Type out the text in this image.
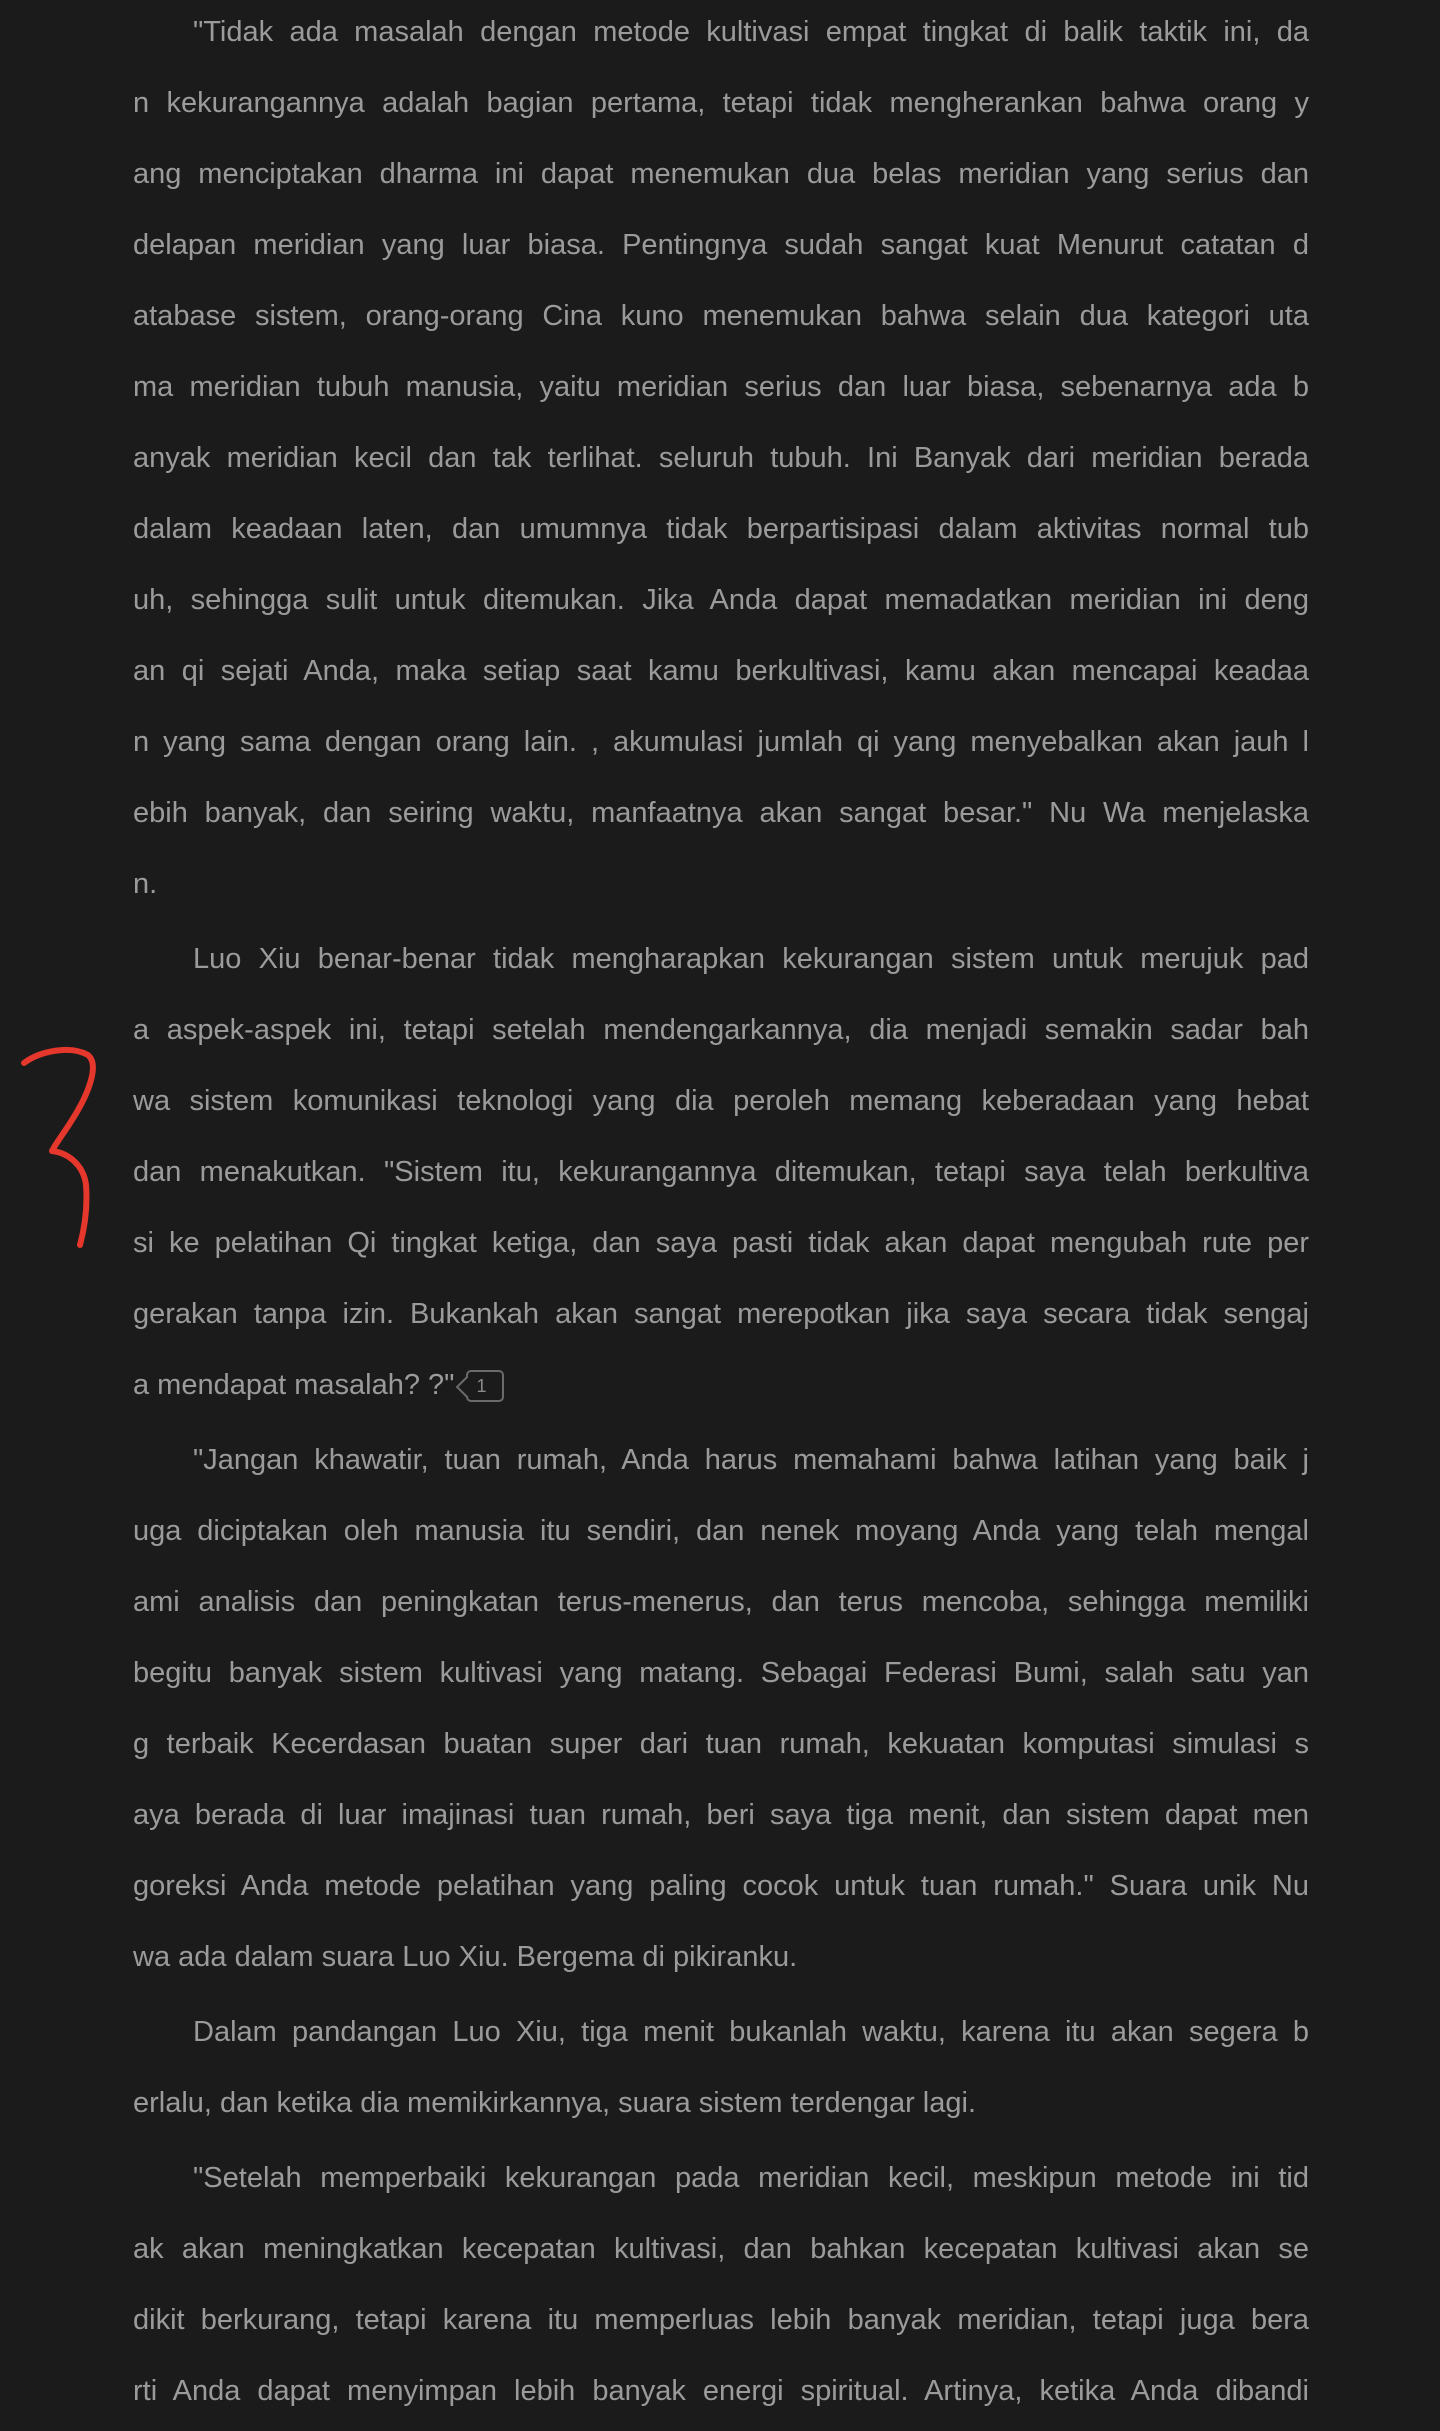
"Tidak ada masalah dengan metode kultivasi empat tingkat di balik taktik ini, da
n kekurangannya adalah bagian pertama, tetapi tidak mengherankan bahwa orang y
ang menciptakan dharma ini dapat menemukan dua belas meridian yang serius dan
delapan meridian yang luar biasa. Pentingnya sudah sangat kuat Menurut catatan d
atabase sistem, orang-orang Cina kuno menemukan bahwa selain dua kategori uta
ma meridian tubuh manusia, yaitu meridian serius dan luar biasa, sebenarnya ada b
anyak meridian kecil dan tak terlihat. seluruh tubuh. Ini Banyak dari meridian berada
dalam keadaan laten, dan umumnya tidak berpartisipasi dalam aktivitas normal tub
uh, sehingga sulit untuk ditemukan. Jika Anda dapat memadatkan meridian ini deng
an qi sejati Anda, maka setiap saat kamu berkultivasi, kamu akan mencapai keadaa
n yang sama dengan orang lain. , akumulasi jumlah qi yang menyebalkan akan jauh l
ebih banyak, dan seiring waktu, manfaatnya akan sangat besar." Nu Wa menjelaska
n.
Luo Xiu benar-benar tidak mengharapkan kekurangan sistem untuk merujuk pad
a aspek-aspek ini, tetapi setelah mendengarkannya, dia menjadi semakin sadar bah
wa sistem komunikasi teknologi yang dia peroleh memang keberadaan yang hebat
dan menakutkan. "Sistem itu, kekurangannya ditemukan, tetapi saya telah berkultiva
si ke pelatihan Qi tingkat ketiga, dan saya pasti tidak akan dapat mengubah rute per
gerakan tanpa izin. Bukankah akan sangat merepotkan jika saya secara tidak sengaj
a mendapat masalah? ?" 1
"Jangan khawatir, tuan rumah, Anda harus memahami bahwa latihan yang baik j
uga diciptakan oleh manusia itu sendiri, dan nenek moyang Anda yang telah mengal
ami analisis dan peningkatan terus-menerus, dan terus mencoba, sehingga memiliki
begitu banyak sistem kultivasi yang matang. Sebagai Federasi Bumi, salah satu yan
g terbaik Kecerdasan buatan super dari tuan rumah, kekuatan komputasi simulasi s
aya berada di luar imajinasi tuan rumah, beri saya tiga menit, dan sistem dapat men
goreksi Anda metode pelatihan yang paling cocok untuk tuan rumah." Suara unik Nu
wa ada dalam suara Luo Xiu. Bergema di pikiranku.
Dalam pandangan Luo Xiu, tiga menit bukanlah waktu, karena itu akan segera b
erlalu, dan ketika dia memikirkannya, suara sistem terdengar lagi.
"Setelah memperbaiki kekurangan pada meridian kecil, meskipun metode ini tid
ak akan meningkatkan kecepatan kultivasi, dan bahkan kecepatan kultivasi akan se
dikit berkurang, tetapi karena itu memperluas lebih banyak meridian, tetapi juga bera
rti Anda dapat menyimpan lebih banyak energi spiritual. Artinya, ketika Anda dibandi
